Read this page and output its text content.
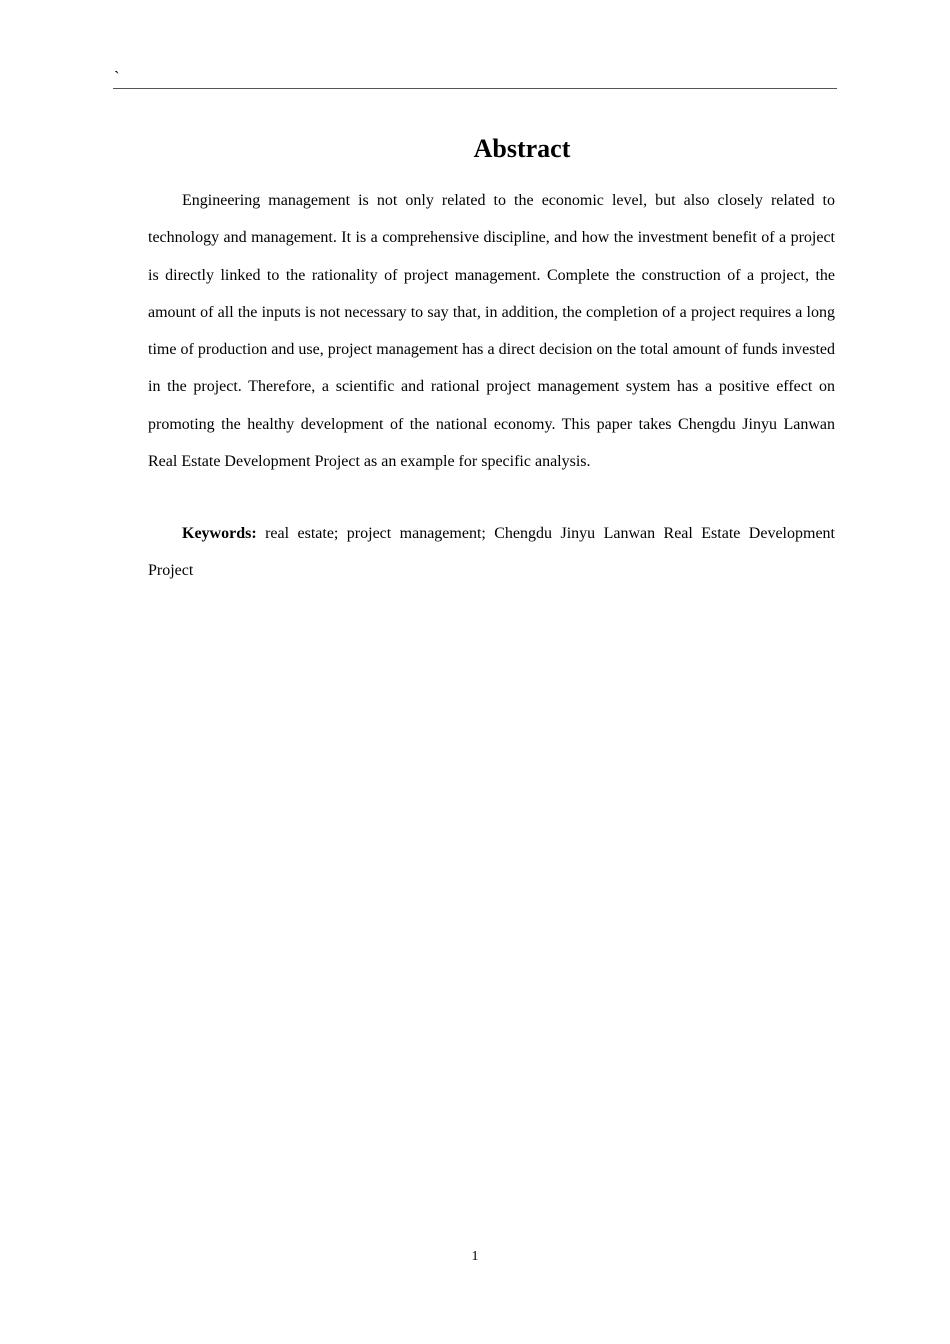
`
Abstract

Engineering management is not only related to the economic level, but also closely related to technology and management. It is a comprehensive discipline, and how the investment benefit of a project is directly linked to the rationality of project management. Complete the construction of a project, the amount of all the inputs is not necessary to say that, in addition, the completion of a project requires a long time of production and use, project management has a direct decision on the total amount of funds invested in the project. Therefore, a scientific and rational project management system has a positive effect on promoting the healthy development of the national economy. This paper takes Chengdu Jinyu Lanwan Real Estate Development Project as an example for specific analysis.

Keywords: real estate; project management; Chengdu Jinyu Lanwan Real Estate Development Project

1
